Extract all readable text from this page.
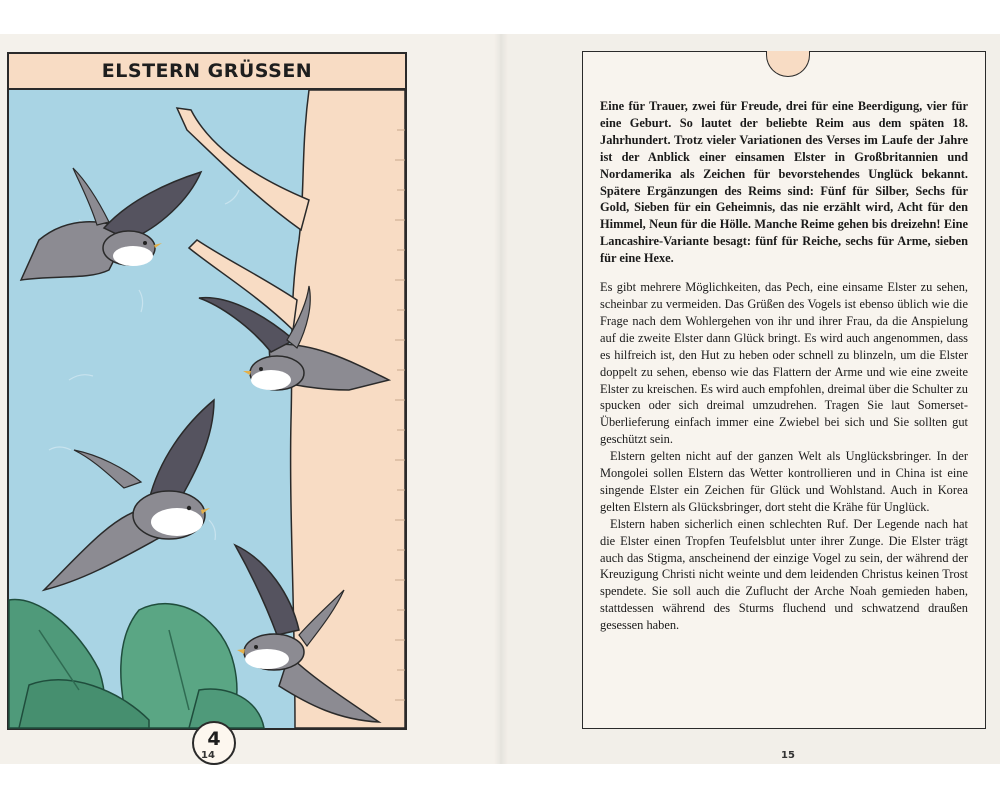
ELSTERN GRÜSSEN
4
14

Eine für Trauer, zwei für Freude, drei für eine Beerdigung, vier für eine Geburt. So lautet der beliebte Reim aus dem späten 18. Jahrhundert. Trotz vieler Variationen des Verses im Laufe der Jahre ist der Anblick einer einsamen Elster in Großbritannien und Nordamerika als Zeichen für bevorstehendes Unglück bekannt. Spätere Ergänzungen des Reims sind: Fünf für Silber, Sechs für Gold, Sieben für ein Geheimnis, das nie erzählt wird, Acht für den Himmel, Neun für die Hölle. Manche Reime gehen bis dreizehn! Eine Lancashire-Variante besagt: fünf für Reiche, sechs für Arme, sieben für eine Hexe.

Es gibt mehrere Möglichkeiten, das Pech, eine einsame Elster zu sehen, scheinbar zu vermeiden. Das Grüßen des Vogels ist ebenso üblich wie die Frage nach dem Wohlergehen von ihr und ihrer Frau, da die Anspielung auf die zweite Elster dann Glück bringt. Es wird auch angenommen, dass es hilfreich ist, den Hut zu heben oder schnell zu blinzeln, um die Elster doppelt zu sehen, ebenso wie das Flattern der Arme und wie eine zweite Elster zu kreischen. Es wird auch empfohlen, dreimal über die Schulter zu spucken oder sich dreimal umzudrehen. Tragen Sie laut Somerset-Überlieferung einfach immer eine Zwiebel bei sich und Sie sollten gut geschützt sein.

Elstern gelten nicht auf der ganzen Welt als Unglücksbringer. In der Mongolei sollen Elstern das Wetter kontrollieren und in China ist eine singende Elster ein Zeichen für Glück und Wohlstand. Auch in Korea gelten Elstern als Glücksbringer, dort steht die Krähe für Unglück.

Elstern haben sicherlich einen schlechten Ruf. Der Legende nach hat die Elster einen Tropfen Teufelsblut unter ihrer Zunge. Die Elster trägt auch das Stigma, anscheinend der einzige Vogel zu sein, der während der Kreuzigung Christi nicht weinte und dem leidenden Christus keinen Trost spendete. Sie soll auch die Zuflucht der Arche Noah gemieden haben, stattdessen während des Sturms fluchend und schwatzend draußen gesessen haben.

15
